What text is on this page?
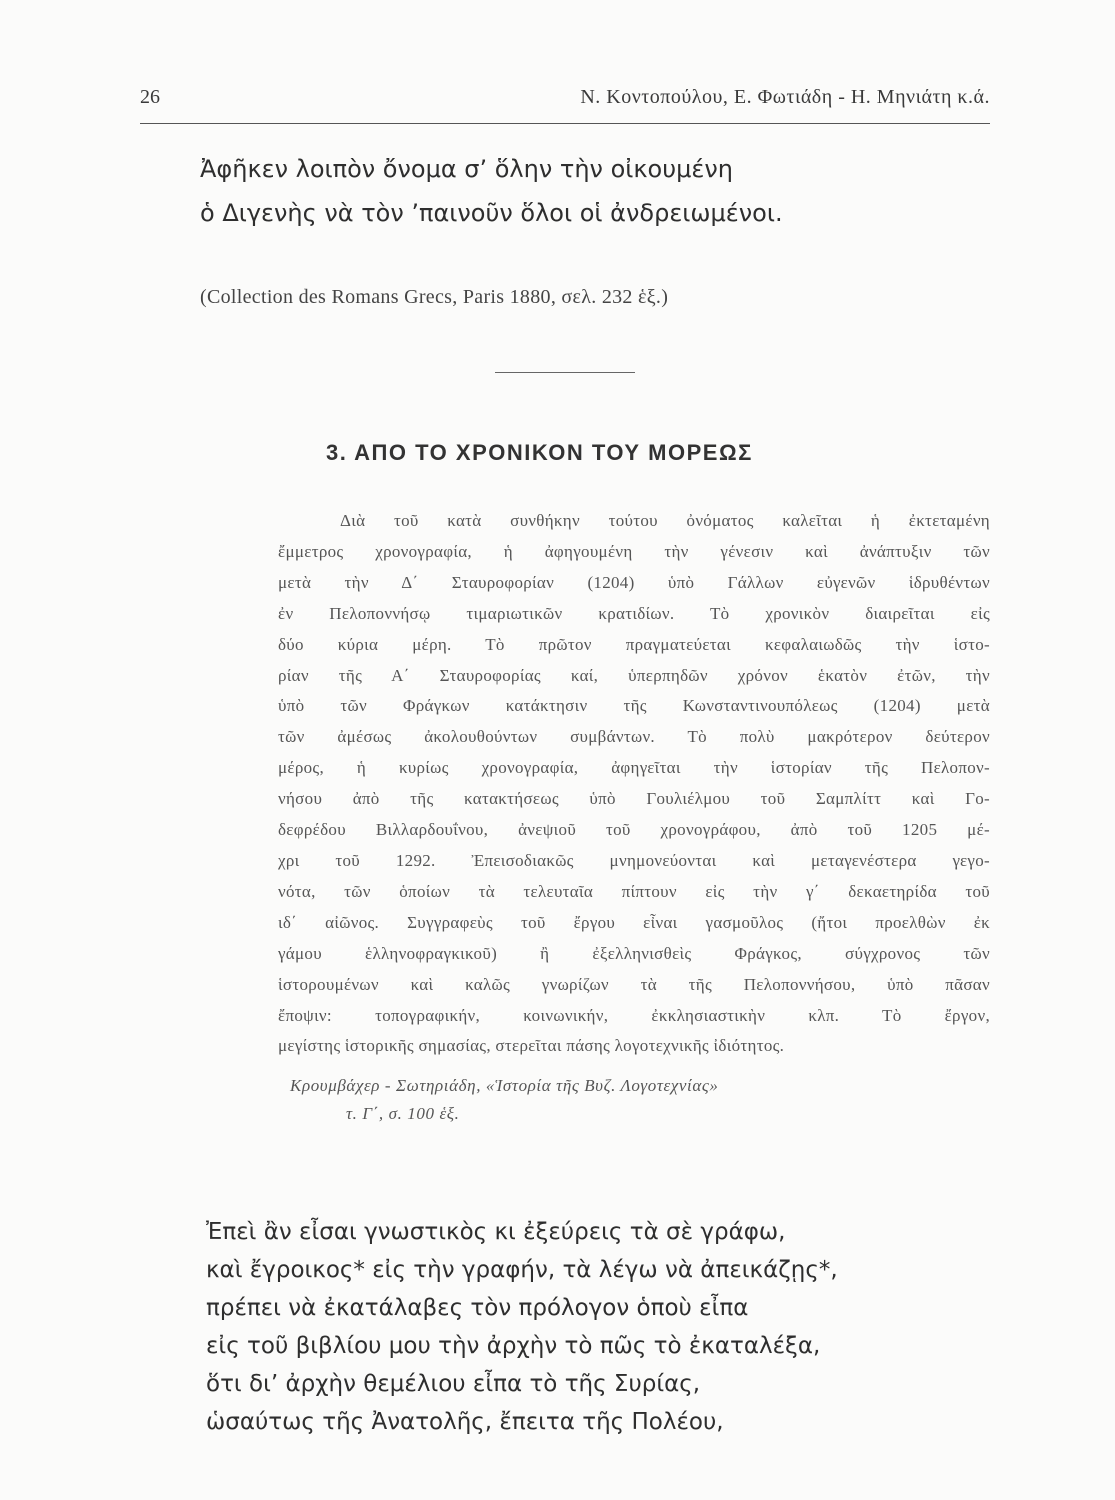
26	Ν. Κοντοπούλου, Ε. Φωτιάδη - Η. Μηνιάτη κ.ά.
Ἀφῆκεν λοιπὸν ὄνομα σ’ ὅλην τὴν οἰκουμένη
ὁ Διγενὴς νὰ τὸν ’παινοῦν ὅλοι οἱ ἀνδρειωμένοι.
(Collection des Romans Grecs, Paris 1880, σελ. 232 ἑξ.)
3. ΑΠΟ ΤΟ ΧΡΟΝΙΚΟΝ ΤΟΥ ΜΟΡΕΩΣ
Διὰ τοῦ κατὰ συνθήκην τούτου ὀνόματος καλεῖται ἡ ἐκτεταμένη
ἔμμετρος χρονογραφία, ἡ ἀφηγουμένη τὴν γένεσιν καὶ ἀνάπτυξιν τῶν
μετὰ τὴν Δ΄ Σταυροφορίαν (1204) ὑπὸ Γάλλων εὐγενῶν ἱδρυθέντων
ἐν Πελοποννήσῳ τιμαριωτικῶν κρατιδίων. Τὸ χρονικὸν διαιρεῖται εἰς
δύο κύρια μέρη. Τὸ πρῶτον πραγματεύεται κεφαλαιωδῶς τὴν ἱστο-
ρίαν τῆς Α΄ Σταυροφορίας καί, ὑπερπηδῶν χρόνον ἑκατὸν ἐτῶν, τὴν
ὑπὸ τῶν Φράγκων κατάκτησιν τῆς Κωνσταντινουπόλεως (1204) μετὰ
τῶν ἀμέσως ἀκολουθούντων συμβάντων. Τὸ πολὺ μακρότερον δεύτερον
μέρος, ἡ κυρίως χρονογραφία, ἀφηγεῖται τὴν ἱστορίαν τῆς Πελοπον-
νήσου ἀπὸ τῆς κατακτήσεως ὑπὸ Γουλιέλμου τοῦ Σαμπλίττ καὶ Γο-
δεφρέδου Βιλλαρδουΐνου, ἀνεψιοῦ τοῦ χρονογράφου, ἀπὸ τοῦ 1205 μέ-
χρι τοῦ 1292. Ἐπεισοδιακῶς μνημονεύονται καὶ μεταγενέστερα γεγο-
νότα, τῶν ὁποίων τὰ τελευταῖα πίπτουν εἰς τὴν γ΄ δεκαετηρίδα τοῦ
ιδ΄ αἰῶνος. Συγγραφεὺς τοῦ ἔργου εἶναι γασμοῦλος (ἤτοι προελθὼν ἐκ
γάμου ἑλληνοφραγκικοῦ) ἢ ἐξελληνισθεὶς Φράγκος, σύγχρονος τῶν
ἱστορουμένων καὶ καλῶς γνωρίζων τὰ τῆς Πελοποννήσου, ὑπὸ πᾶσαν
ἔποψιν: τοπογραφικήν, κοινωνικήν, ἐκκλησιαστικὴν κλπ. Τὸ ἔργον,
μεγίστης ἱστορικῆς σημασίας, στερεῖται πάσης λογοτεχνικῆς ἰδιότητος.
Κρουμβάχερ - Σωτηριάδη, «Ἱστορία τῆς Βυζ. Λογοτεχνίας»
τ. Γ΄, σ. 100 ἑξ.
Ἐπεὶ ἂν εἶσαι γνωστικὸς κι ἐξεύρεις τὰ σὲ γράφω,
καὶ ἔγροικος* εἰς τὴν γραφήν, τὰ λέγω νὰ ἀπεικάζῃς*,
πρέπει νὰ ἐκατάλαβες τὸν πρόλογον ὁποὺ εἶπα
εἰς τοῦ βιβλίου μου τὴν ἀρχὴν τὸ πῶς τὸ ἐκαταλέξα,
ὅτι δι’ ἀρχὴν θεμέλιου εἶπα τὸ τῆς Συρίας,
ὡσαύτως τῆς Ἀνατολῆς, ἔπειτα τῆς Πολέου,
